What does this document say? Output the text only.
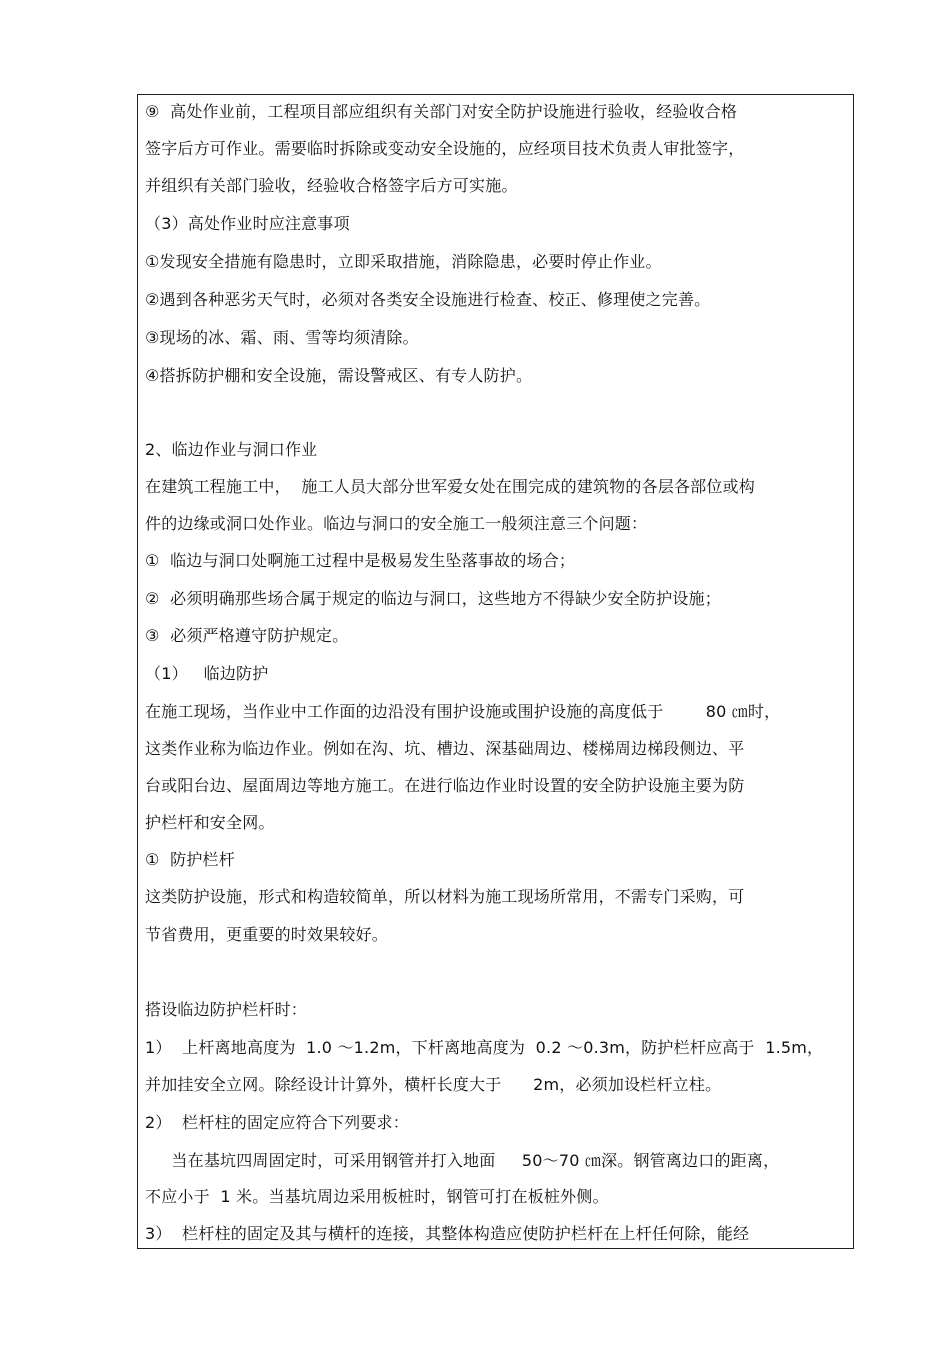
⑨  高处作业前，工程项目部应组织有关部门对安全防护设施进行验收，经验收合格
签字后方可作业。需要临时拆除或变动安全设施的，应经项目技术负责人审批签字，
并组织有关部门验收，经验收合格签字后方可实施。
（3）高处作业时应注意事项
①发现安全措施有隐患时，立即采取措施，消除隐患，必要时停止作业。
②遇到各种恶劣天气时，必须对各类安全设施进行检查、校正、修理使之完善。
③现场的冰、霜、雨、雪等均须清除。
④搭拆防护棚和安全设施，需设警戒区、有专人防护。
2、临边作业与洞口作业
在建筑工程施工中，  施工人员大部分世军爱女处在围完成的建筑物的各层各部位或构
件的边缘或洞口处作业。临边与洞口的安全施工一般须注意三个问题：
①  临边与洞口处啊施工过程中是极易发生坠落事故的场合；
②  必须明确那些场合属于规定的临边与洞口，这些地方不得缺少安全防护设施；
③  必须严格遵守防护规定。
（1）   临边防护
在施工现场，当作业中工作面的边沿没有围护设施或围护设施的高度低于        80 ㎝时，
这类作业称为临边作业。例如在沟、坑、槽边、深基础周边、楼梯周边梯段侧边、平
台或阳台边、屋面周边等地方施工。在进行临边作业时设置的安全防护设施主要为防
护栏杆和安全网。
①  防护栏杆
这类防护设施，形式和构造较简单，所以材料为施工现场所常用，不需专门采购，可
节省费用，更重要的时效果较好。
搭设临边防护栏杆时：
1）  上杆离地高度为  1.0 ～1.2m，下杆离地高度为  0.2 ～0.3m，防护栏杆应高于  1.5m，
并加挂安全立网。除经设计计算外，横杆长度大于      2m，必须加设栏杆立柱。
2）  栏杆柱的固定应符合下列要求：
当在基坑四周固定时，可采用钢管并打入地面     50～70 ㎝深。钢管离边口的距离，
不应小于  1 米。当基坑周边采用板桩时，钢管可打在板桩外侧。
3）  栏杆柱的固定及其与横杆的连接，其整体构造应使防护栏杆在上杆任何除，能经
